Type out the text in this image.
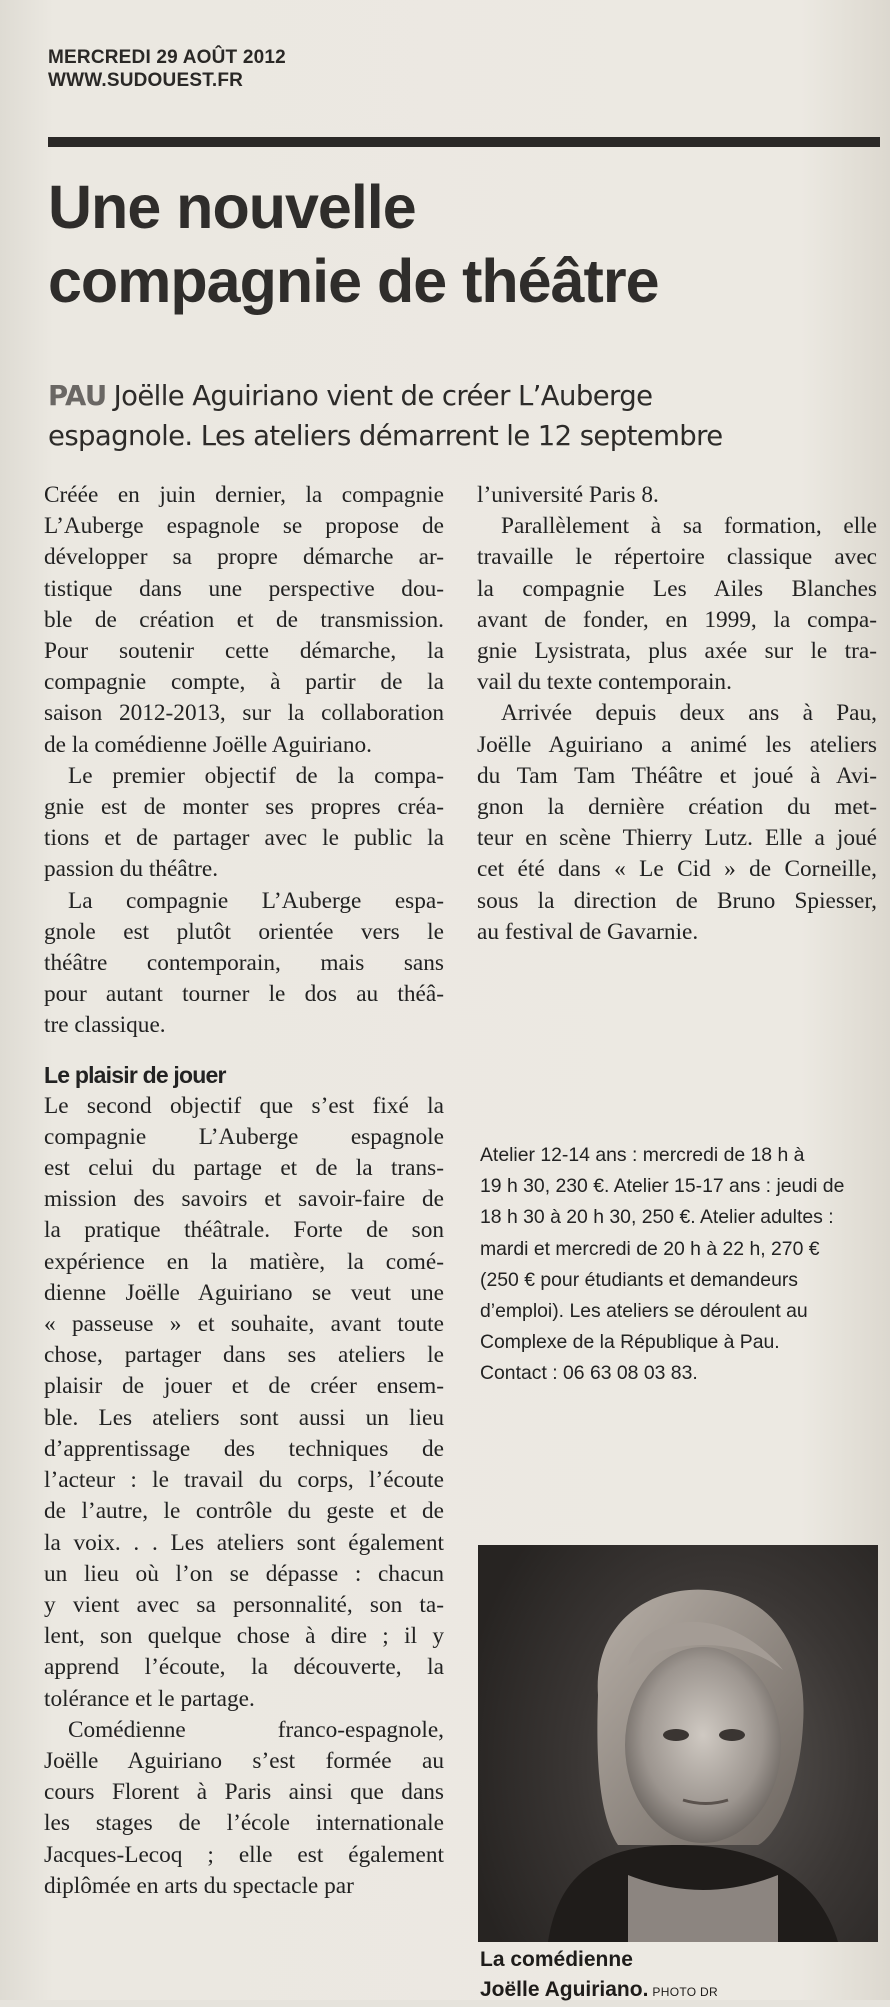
MERCREDI 29 AOÛT 2012
WWW.SUDOUEST.FR
Une nouvelle
compagnie de théâtre
PAU Joëlle Aguiriano vient de créer L’Auberge
espagnole. Les ateliers démarrent le 12 septembre
Créée en juin dernier, la compagnie
L’Auberge espagnole se propose de
développer sa propre démarche ar-
tistique dans une perspective dou-
ble de création et de transmission.
Pour soutenir cette démarche, la
compagnie compte, à partir de la
saison 2012-2013, sur la collaboration
de la comédienne Joëlle Aguiriano.
Le premier objectif de la compa-
gnie est de monter ses propres créa-
tions et de partager avec le public la
passion du théâtre.
La compagnie L’Auberge espa-
gnole est plutôt orientée vers le
théâtre contemporain, mais sans
pour autant tourner le dos au théâ-
tre classique.
Le plaisir de jouer
Le second objectif que s’est fixé la
compagnie L’Auberge espagnole
est celui du partage et de la trans-
mission des savoirs et savoir-faire de
la pratique théâtrale. Forte de son
expérience en la matière, la comé-
dienne Joëlle Aguiriano se veut une
« passeuse » et souhaite, avant toute
chose, partager dans ses ateliers le
plaisir de jouer et de créer ensem-
ble. Les ateliers sont aussi un lieu
d’apprentissage des techniques de
l’acteur : le travail du corps, l’écoute
de l’autre, le contrôle du geste et de
la voix. . . Les ateliers sont également
un lieu où l’on se dépasse : chacun
y vient avec sa personnalité, son ta-
lent, son quelque chose à dire ; il y
apprend l’écoute, la découverte, la
tolérance et le partage.
Comédienne franco-espagnole,
Joëlle Aguiriano s’est formée au
cours Florent à Paris ainsi que dans
les stages de l’école internationale
Jacques-Lecoq ; elle est également
diplômée en arts du spectacle par
l’université Paris 8.
Parallèlement à sa formation, elle
travaille le répertoire classique avec
la compagnie Les Ailes Blanches
avant de fonder, en 1999, la compa-
gnie Lysistrata, plus axée sur le tra-
vail du texte contemporain.
Arrivée depuis deux ans à Pau,
Joëlle Aguiriano a animé les ateliers
du Tam Tam Théâtre et joué à Avi-
gnon la dernière création du met-
teur en scène Thierry Lutz. Elle a joué
cet été dans « Le Cid » de Corneille,
sous la direction de Bruno Spiesser,
au festival de Gavarnie.
Atelier 12-14 ans : mercredi de 18 h à
19 h 30, 230 €. Atelier 15-17 ans : jeudi de
18 h 30 à 20 h 30, 250 €. Atelier adultes :
mardi et mercredi de 20 h à 22 h, 270 €
(250 € pour étudiants et demandeurs
d’emploi). Les ateliers se déroulent au
Complexe de la République à Pau.
Contact : 06 63 08 03 83.
La comédienne
Joëlle Aguiriano. PHOTO DR
